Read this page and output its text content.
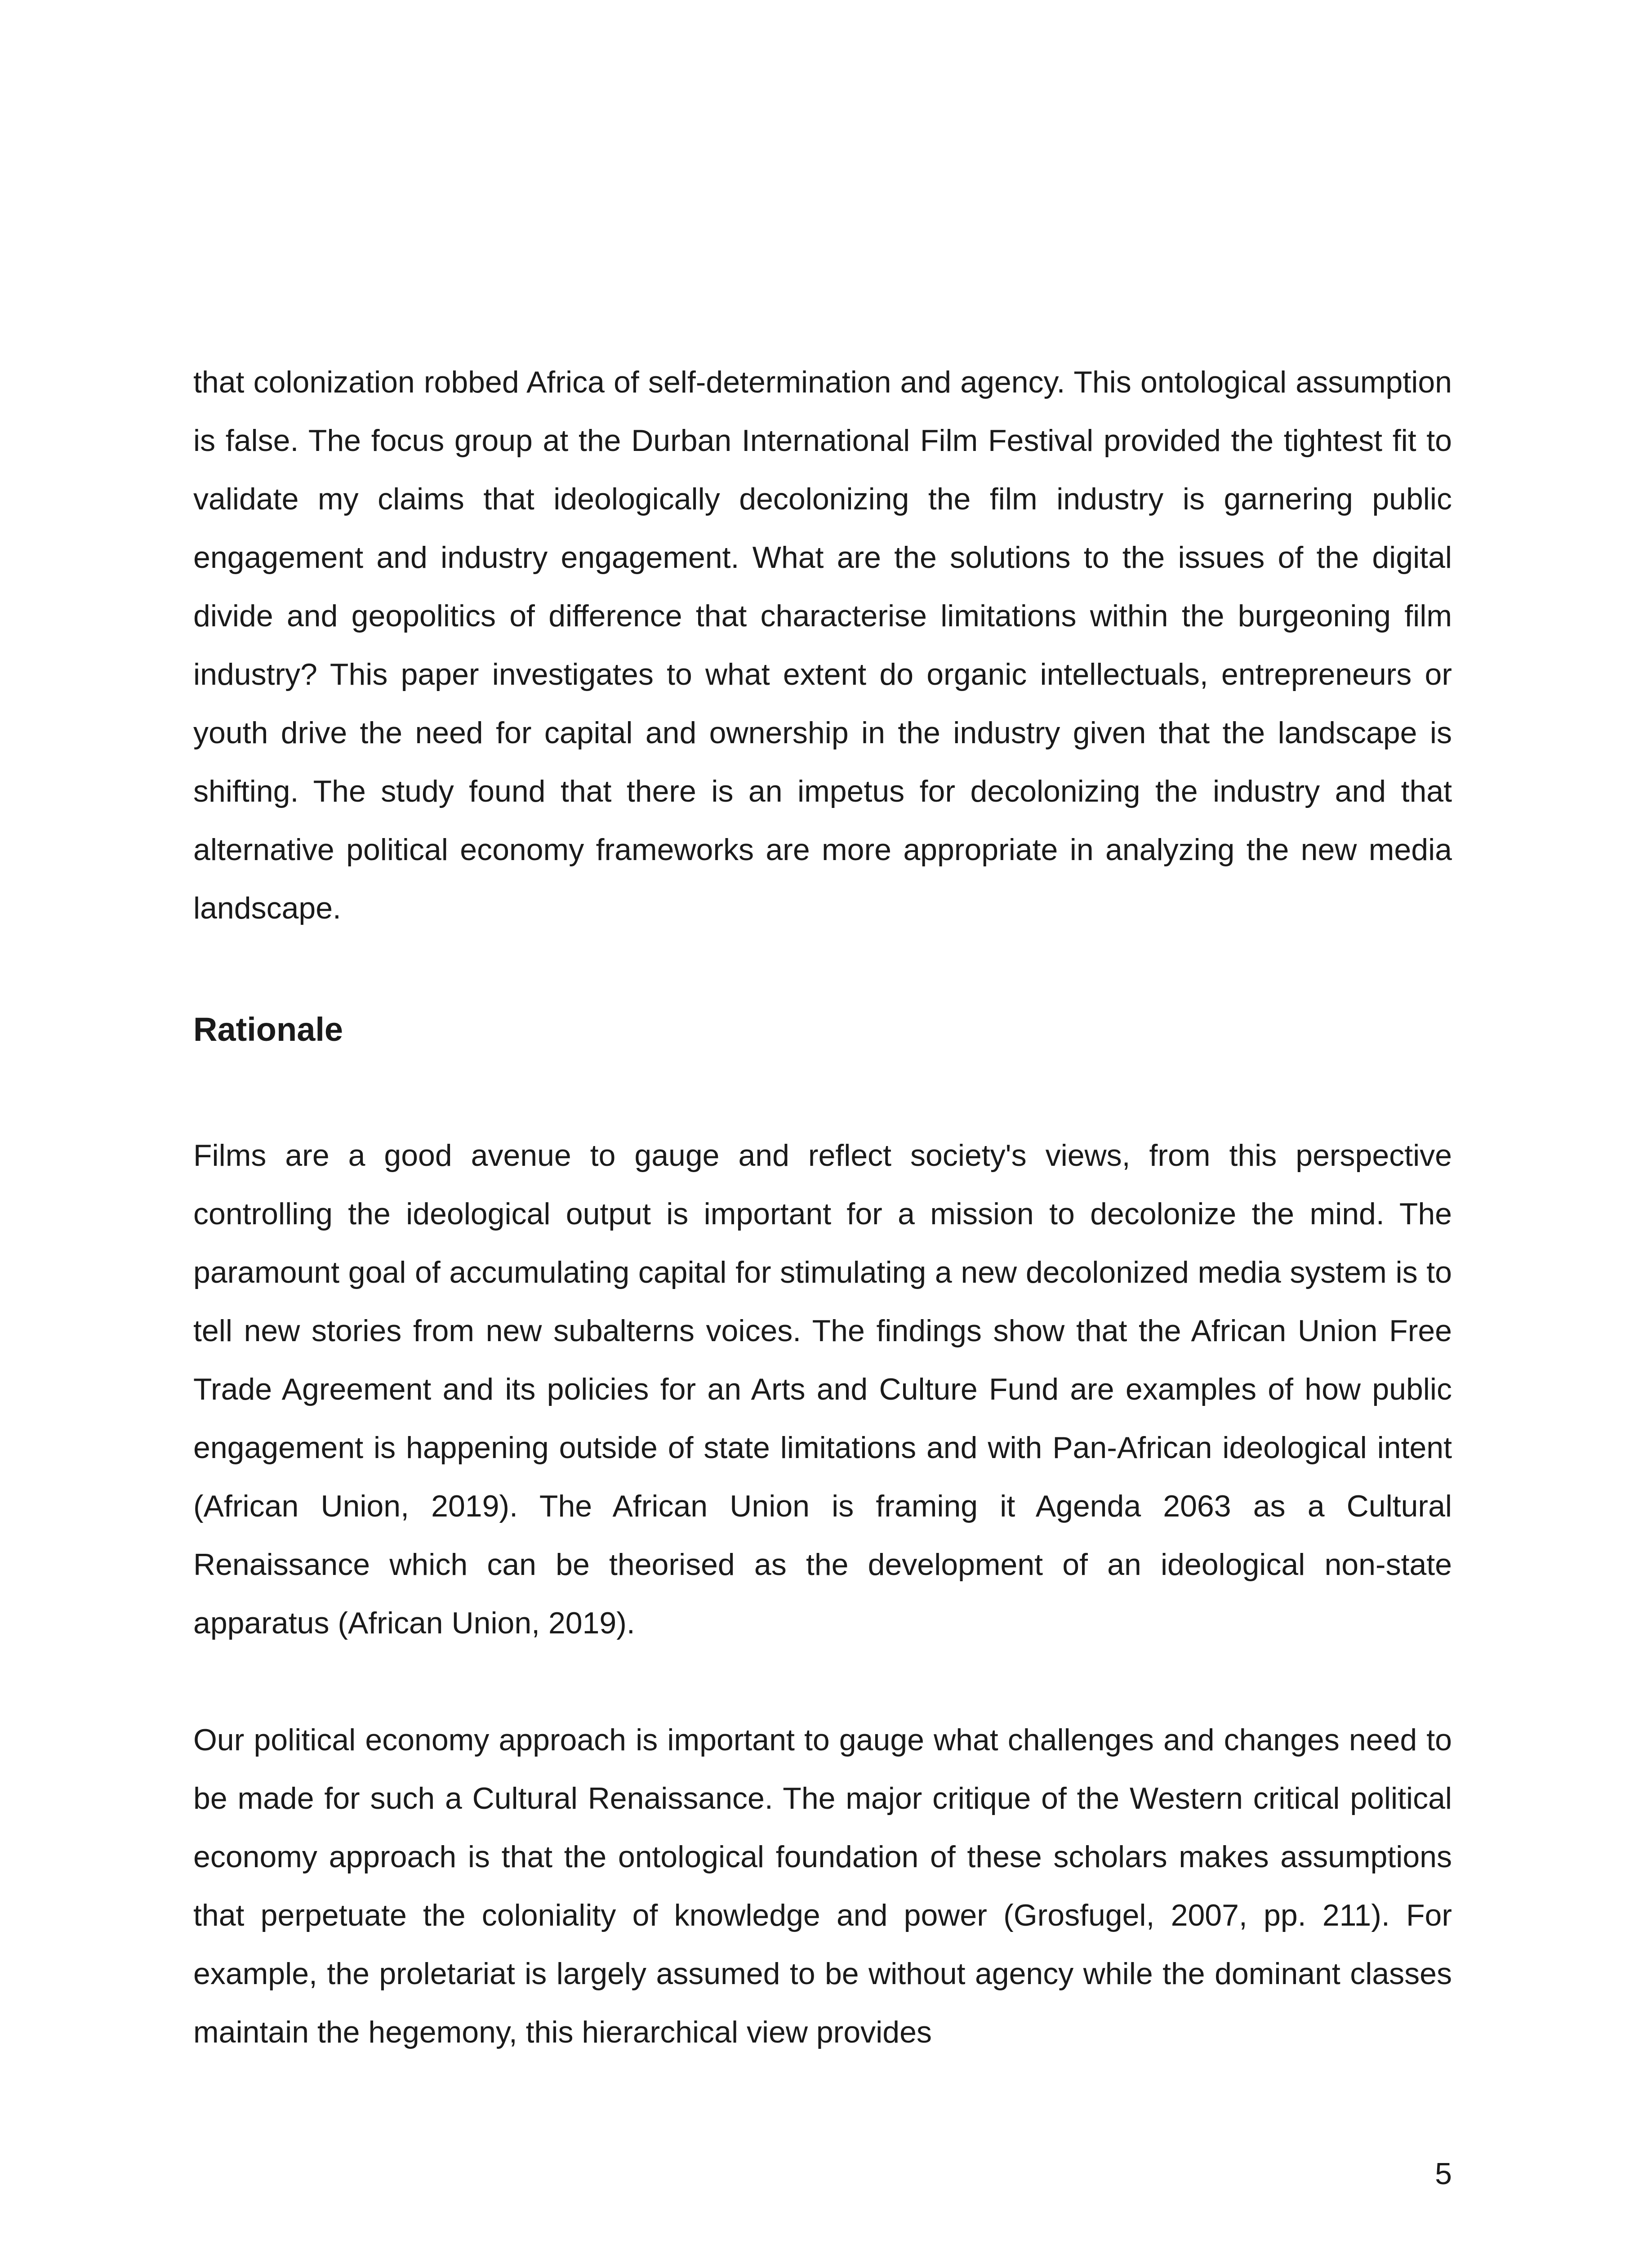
that colonization robbed Africa of self-determination and agency. This ontological assumption is false. The focus group at the Durban International Film Festival provided the tightest fit to validate my claims that ideologically decolonizing the film industry is garnering public engagement and industry engagement. What are the solutions to the issues of the digital divide and geopolitics of difference that characterise limitations within the burgeoning film industry? This paper investigates to what extent do organic intellectuals, entrepreneurs or youth drive the need for capital and ownership in the industry given that the landscape is shifting. The study found that there is an impetus for decolonizing the industry and that alternative political economy frameworks are more appropriate in analyzing the new media landscape.

Rationale

Films are a good avenue to gauge and reflect society's views, from this perspective controlling the ideological output is important for a mission to decolonize the mind. The paramount goal of accumulating capital for stimulating a new decolonized media system is to tell new stories from new subalterns voices. The findings show that the African Union Free Trade Agreement and its policies for an Arts and Culture Fund are examples of how public engagement is happening outside of state limitations and with Pan-African ideological intent (African Union, 2019). The African Union is framing it Agenda 2063 as a Cultural Renaissance which can be theorised as the development of an ideological non-state apparatus (African Union, 2019).

Our political economy approach is important to gauge what challenges and changes need to be made for such a Cultural Renaissance. The major critique of the Western critical political economy approach is that the ontological foundation of these scholars makes assumptions that perpetuate the coloniality of knowledge and power (Grosfugel, 2007, pp. 211). For example, the proletariat is largely assumed to be without agency while the dominant classes maintain the hegemony, this hierarchical view provides

5
